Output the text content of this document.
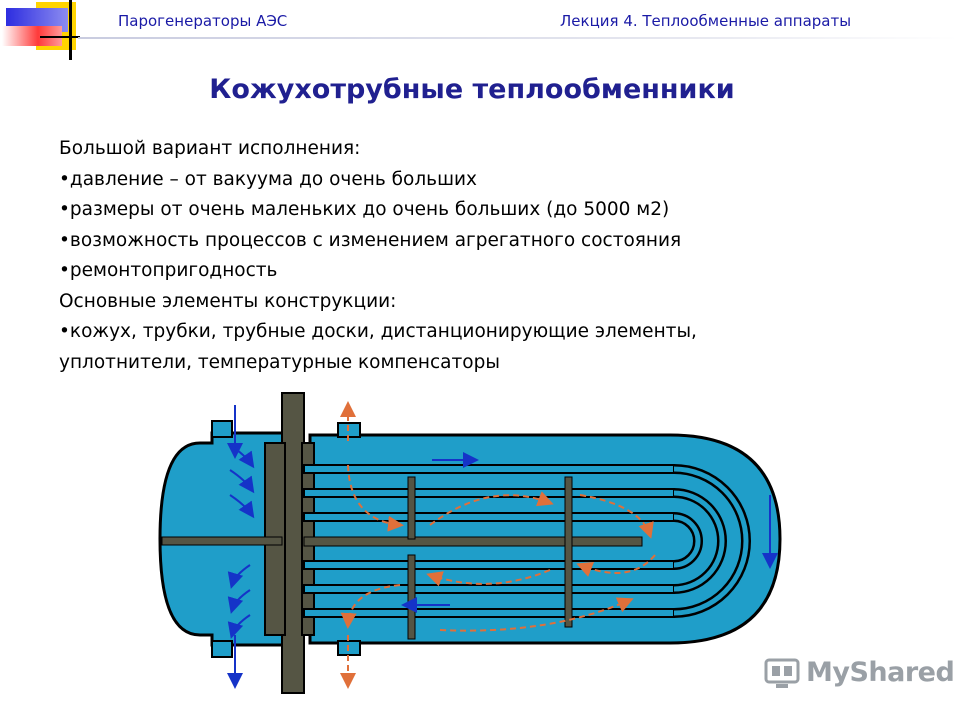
Парогенераторы АЭС	Лекция 4. Теплообменные аппараты
Кожухотрубные теплообменники
Большой вариант исполнения:
•давление – от вакуума до очень больших
•размеры от очень маленьких до очень больших (до 5000 м2)
•возможность процессов с изменением агрегатного состояния
•ремонтопригодность
Основные элементы конструкции:
•кожух, трубки, трубные доски, дистанционирующие элементы,
уплотнители, температурные компенсаторы
MyShared
